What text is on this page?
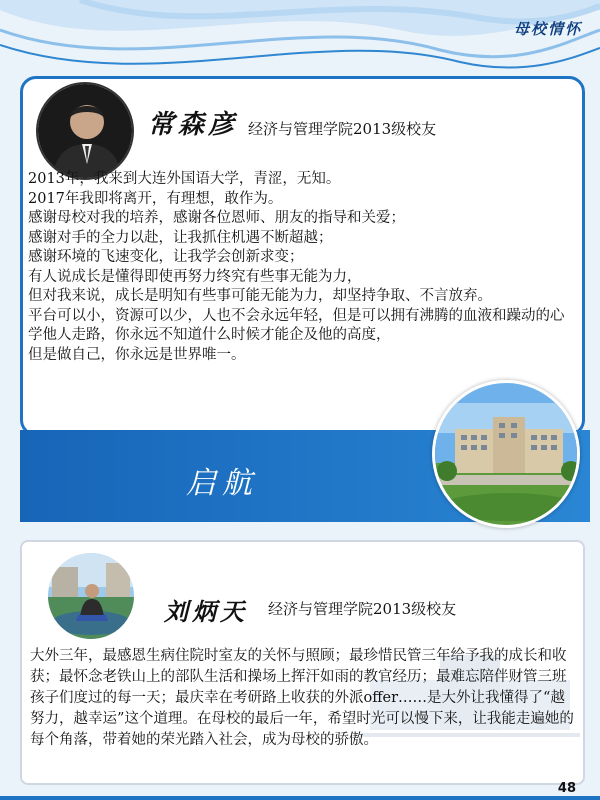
母校情怀
常森彦 经济与管理学院2013级校友

2013年，我来到大连外国语大学，青涩，无知。

2017年我即将离开，有理想，敢作为。

感谢母校对我的培养，感谢各位恩师、朋友的指导和关爱；

感谢对手的全力以赴，让我抓住机遇不断超越；

感谢环境的飞速变化，让我学会创新求变；

有人说成长是懂得即使再努力终究有些事无能为力，

但对我来说，成长是明知有些事可能无能为力，却坚持争取、不言放弃。

平台可以小，资源可以少，人也不会永远年轻，但是可以拥有沸腾的血液和躁动的心

学他人走路，你永远不知道什么时候才能企及他的高度，

但是做自己，你永远是世界唯一。

启航
刘炳天 经济与管理学院2013级校友

大外三年，最感恩生病住院时室友的关怀与照顾；最珍惜民管三年给予我的成长和收获；最怀念老铁山上的部队生活和操场上挥汗如雨的教官经历；最难忘陪伴财管三班孩子们度过的每一天；最庆幸在考研路上收获的外派offer……是大外让我懂得了“越努力，越幸运”这个道理。在母校的最后一年，希望时光可以慢下来，让我能走遍她的每个角落，带着她的荣光踏入社会，成为母校的骄傲。

48
